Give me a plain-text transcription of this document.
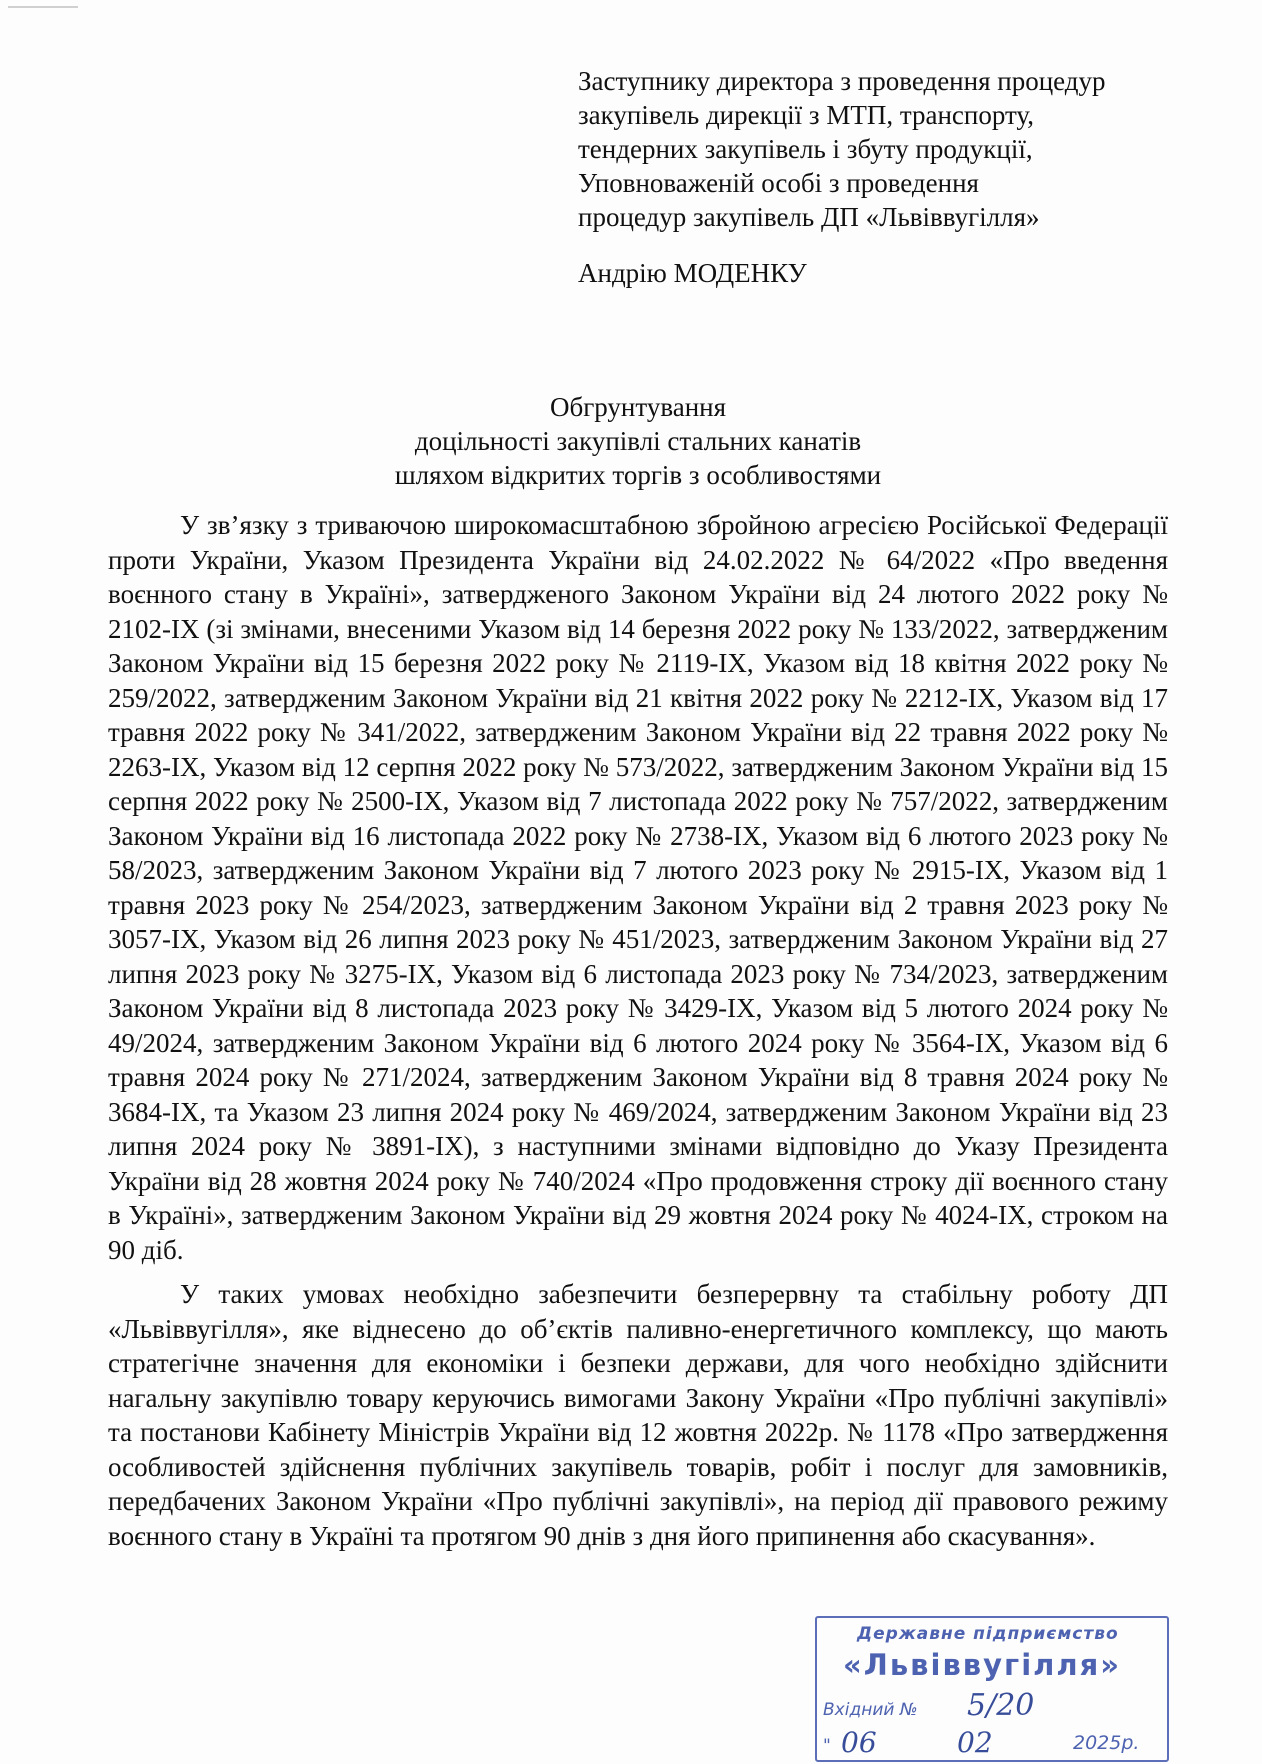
Заступнику директора з проведення процедур
закупівель дирекції з МТП, транспорту,
тендерних закупівель і збуту продукції,
Уповноваженій особі з проведення
процедур закупівель ДП «Львіввугілля»
Андрію МОДЕНКУ
Обгрунтування
доцільності закупівлі стальних канатів
шляхом відкритих торгів з особливостями

У зв’язку з триваючою широкомасштабною збройною агресією Російської Федерації проти України, Указом Президента України від 24.02.2022 № 64/2022 «Про введення воєнного стану в Україні», затвердженого Законом України від 24 лютого 2022 року № 2102-IX (зі змінами, внесеними Указом від 14 березня 2022 року № 133/2022, затвердженим Законом України від 15 березня 2022 року № 2119-IX, Указом від 18 квітня 2022 року № 259/2022, затвердженим Законом України від 21 квітня 2022 року № 2212-IX, Указом від 17 травня 2022 року № 341/2022, затвердженим Законом України від 22 травня 2022 року № 2263-IX, Указом від 12 серпня 2022 року № 573/2022, затвердженим Законом України від 15 серпня 2022 року № 2500-IX, Указом від 7 листопада 2022 року № 757/2022, затвердженим Законом України від 16 листопада 2022 року № 2738-IX, Указом від 6 лютого 2023 року № 58/2023, затвердженим Законом України від 7 лютого 2023 року № 2915-IX, Указом від 1 травня 2023 року № 254/2023, затвердженим Законом України від 2 травня 2023 року № 3057-IX, Указом від 26 липня 2023 року № 451/2023, затвердженим Законом України від 27 липня 2023 року № 3275-IX, Указом від 6 листопада 2023 року № 734/2023, затвердженим Законом України від 8 листопада 2023 року № 3429-IX, Указом від 5 лютого 2024 року № 49/2024, затвердженим Законом України від 6 лютого 2024 року № 3564-IX, Указом від 6 травня 2024 року № 271/2024, затвердженим Законом України від 8 травня 2024 року № 3684-IX, та Указом 23 липня 2024 року № 469/2024, затвердженим Законом України від 23 липня 2024 року № 3891-IX), з наступними змінами відповідно до Указу Президента України від 28 жовтня 2024 року № 740/2024 «Про продовження строку дії воєнного стану в Україні», затвердженим Законом України від 29 жовтня 2024 року № 4024-IX, строком на 90 діб.

У таких умовах необхідно забезпечити безперервну та стабільну роботу ДП «Львіввугілля», яке віднесено до об’єктів паливно-енергетичного комплексу, що мають стратегічне значення для економіки і безпеки держави, для чого необхідно здійснити нагальну закупівлю товару керуючись вимогами Закону України «Про публічні закупівлі» та постанови Кабінету Міністрів України від 12 жовтня 2022р. № 1178 «Про затвердження особливостей здійснення публічних закупівель товарів, робіт і послуг для замовників, передбачених Законом України «Про публічні закупівлі», на період дії правового режиму воєнного стану в Україні та протягом 90 днів з дня його припинення або скасування».

Державне підприємство
«Львіввугілля»
Вхідний № 5/20
" 06	02	2025р.
